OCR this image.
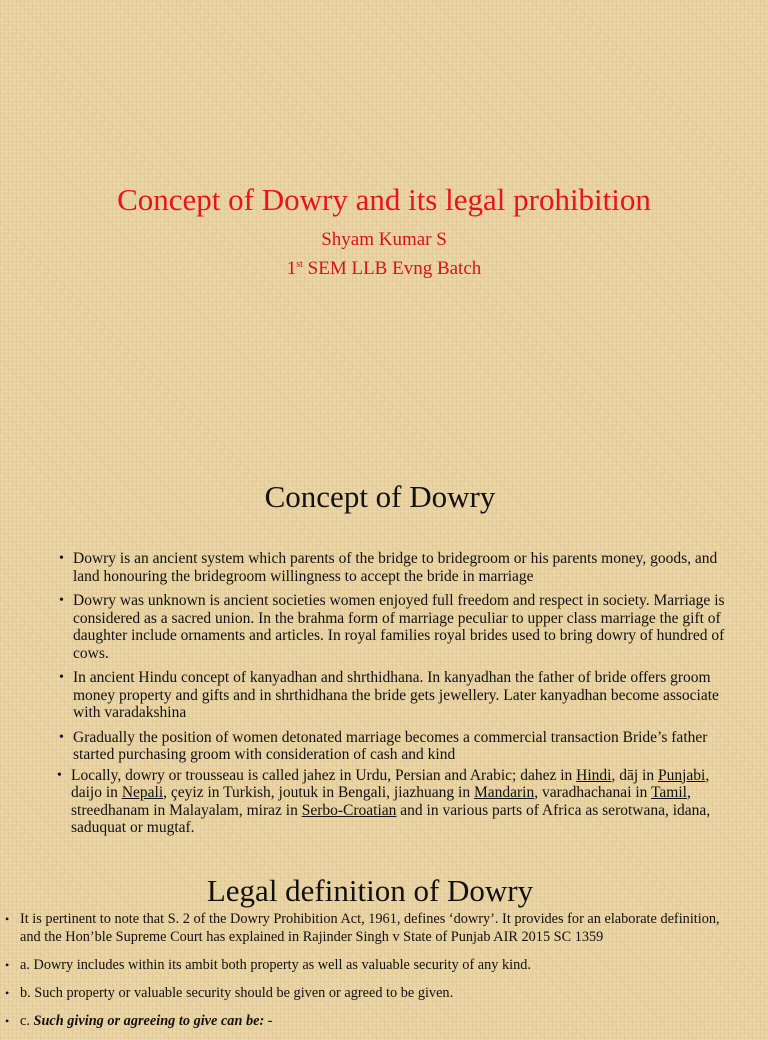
Concept of Dowry and its legal prohibition
Shyam Kumar S
1st SEM LLB Evng Batch
Concept of Dowry
• Dowry is an ancient system which parents of the bridge to bridegroom or his parents money, goods, and land honouring the bridegroom willingness to accept the bride in marriage
• Dowry was unknown is ancient societies women enjoyed full freedom and respect in society. Marriage is considered as a sacred union. In the brahma form of marriage peculiar to upper class marriage the gift of daughter include ornaments and articles. In royal families royal brides used to bring dowry of hundred of cows.
• In ancient Hindu concept of kanyadhan and shrthidhana. In kanyadhan the father of bride offers groom money property and gifts and in shrthidhana the bride gets jewellery. Later kanyadhan become associate with varadakshina
• Gradually the position of women detonated marriage becomes a commercial transaction Bride’s father started purchasing groom with consideration of cash and kind
• Locally, dowry or trousseau is called jahez in Urdu, Persian and Arabic; dahez in Hindi, dāj in Punjabi, daijo in Nepali, çeyiz in Turkish, joutuk in Bengali, jiazhuang in Mandarin, varadhachanai in Tamil, streedhanam in Malayalam, miraz in Serbo-Croatian and in various parts of Africa as serotwana, idana, saduquat or mugtaf.
Legal definition of Dowry
• It is pertinent to note that S. 2 of the Dowry Prohibition Act, 1961, defines ‘dowry’. It provides for an elaborate definition, and the Hon’ble Supreme Court has explained in Rajinder Singh v State of Punjab AIR 2015 SC 1359
• a. Dowry includes within its ambit both property as well as valuable security of any kind.
• b. Such property or valuable security should be given or agreed to be given.
• c. Such giving or agreeing to give can be: -
